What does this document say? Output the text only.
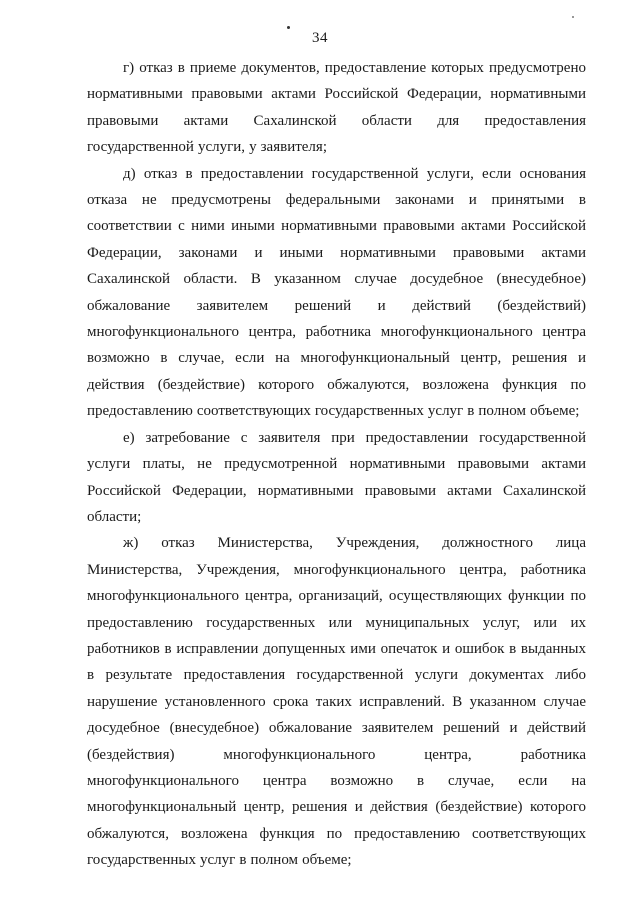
34

г) отказ в приеме документов, предоставление которых предусмотрено нормативными правовыми актами Российской Федерации, нормативными правовыми актами Сахалинской области для предоставления государственной услуги, у заявителя;

д) отказ в предоставлении государственной услуги, если основания отказа не предусмотрены федеральными законами и принятыми в соответствии с ними иными нормативными правовыми актами Российской Федерации, законами и иными нормативными правовыми актами Сахалинской области. В указанном случае досудебное (внесудебное) обжалование заявителем решений и действий (бездействий) многофункционального центра, работника многофункционального центра возможно в случае, если на многофункциональный центр, решения и действия (бездействие) которого обжалуются, возложена функция по предоставлению соответствующих государственных услуг в полном объеме;

е) затребование с заявителя при предоставлении государственной услуги платы, не предусмотренной нормативными правовыми актами Российской Федерации, нормативными правовыми актами Сахалинской области;

ж) отказ Министерства, Учреждения, должностного лица Министерства, Учреждения, многофункционального центра, работника многофункционального центра, организаций, осуществляющих функции по предоставлению государственных или муниципальных услуг, или их работников в исправлении допущенных ими опечаток и ошибок в выданных в результате предоставления государственной услуги документах либо нарушение установленного срока таких исправлений. В указанном случае досудебное (внесудебное) обжалование заявителем решений и действий (бездействия) многофункционального центра, работника многофункционального центра возможно в случае, если на многофункциональный центр, решения и действия (бездействие) которого обжалуются, возложена функция по предоставлению соответствующих государственных услуг в полном объеме;
